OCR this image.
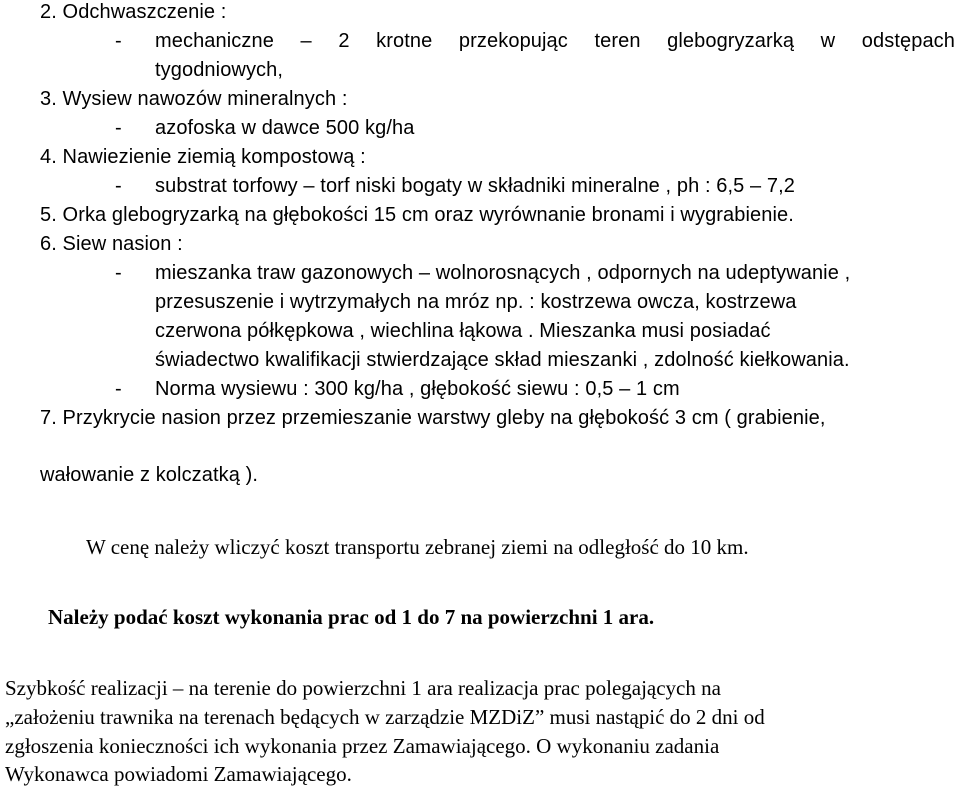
2. Odchwaszczenie :
- mechaniczne – 2 krotne przekopując teren glebogryzarką w odstępach
tygodniowych,
3. Wysiew nawozów mineralnych :
- azofoska w dawce 500 kg/ha
4. Nawiezienie ziemią kompostową :
- substrat torfowy – torf niski bogaty w składniki mineralne , ph : 6,5 – 7,2
5. Orka glebogryzarką na głębokości 15 cm oraz wyrównanie bronami i wygrabienie.
6. Siew nasion :
- mieszanka traw gazonowych – wolnorosnących , odpornych na udeptywanie ,
przesuszenie i wytrzymałych na mróz np. : kostrzewa owcza, kostrzewa
czerwona półkępkowa , wiechlina łąkowa . Mieszanka musi posiadać
świadectwo kwalifikacji stwierdzające skład mieszanki , zdolność kiełkowania.
- Norma wysiewu : 300 kg/ha , głębokość siewu : 0,5 – 1 cm
7. Przykrycie nasion przez przemieszanie warstwy gleby na głębokość 3 cm ( grabienie,
wałowanie z kolczatką ).
W cenę należy wliczyć koszt transportu zebranej ziemi na odległość do 10 km.
Należy podać koszt wykonania prac od 1 do 7 na powierzchni 1 ara.
Szybkość realizacji – na terenie do powierzchni 1 ara realizacja prac polegających na
„założeniu trawnika na terenach będących w zarządzie MZDiZ” musi nastąpić do 2 dni od
zgłoszenia konieczności ich wykonania przez Zamawiającego. O wykonaniu zadania
Wykonawca powiadomi Zamawiającego.
